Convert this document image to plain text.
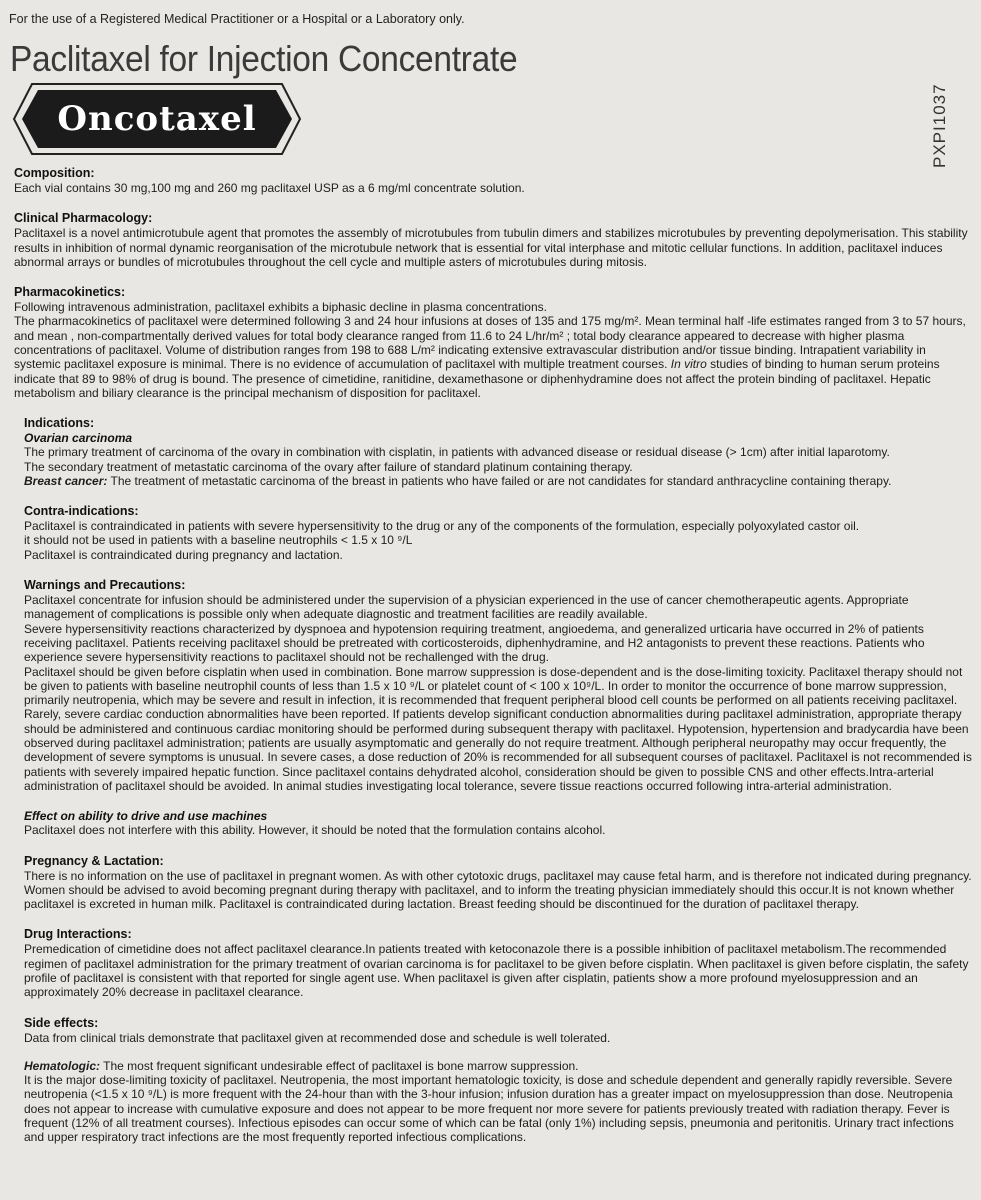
For the use of a Registered Medical Practitioner or a Hospital or a Laboratory only.
Paclitaxel for Injection Concentrate
Oncotaxel	PXPI1037
Composition:

Each vial contains 30 mg,100 mg and 260 mg paclitaxel USP as a 6 mg/ml concentrate solution.

Clinical Pharmacology:

Paclitaxel is a novel antimicrotubule agent that promotes the assembly of microtubules from tubulin dimers and stabilizes microtubules by preventing depolymerisation. This stability results in inhibition of normal dynamic reorganisation of the microtubule network that is essential for vital interphase and mitotic cellular functions. In addition, paclitaxel induces abnormal arrays or bundles of microtubules throughout the cell cycle and multiple asters of microtubules during mitosis.

Pharmacokinetics:

Following intravenous administration, paclitaxel exhibits a biphasic decline in plasma concentrations.

The pharmacokinetics of paclitaxel were determined following 3 and 24 hour infusions at doses of 135 and 175 mg/m². Mean terminal half -life estimates ranged from 3 to 57 hours, and mean , non-compartmentally derived values for total body clearance ranged from 11.6 to 24 L/hr/m² ; total body clearance appeared to decrease with higher plasma concentrations of paclitaxel. Volume of distribution ranges from 198 to 688 L/m² indicating extensive extravascular distribution and/or tissue binding. Intrapatient variability in systemic paclitaxel exposure is minimal. There is no evidence of accumulation of paclitaxel with multiple treatment courses. In vitro studies of binding to human serum proteins indicate that 89 to 98% of drug is bound. The presence of cimetidine, ranitidine, dexamethasone or diphenhydramine does not affect the protein binding of paclitaxel. Hepatic metabolism and biliary clearance is the principal mechanism of disposition for paclitaxel.

Indications:
Ovarian carcinoma

The primary treatment of carcinoma of the ovary in combination with cisplatin, in patients with advanced disease or residual disease (> 1cm) after initial laparotomy.

The secondary treatment of metastatic carcinoma of the ovary after failure of standard platinum containing therapy.

Breast cancer: The treatment of metastatic carcinoma of the breast in patients who have failed or are not candidates for standard anthracycline containing therapy.

Contra-indications:

Paclitaxel is contraindicated in patients with severe hypersensitivity to the drug or any of the components of the formulation, especially polyoxylated castor oil.

it should not be used in patients with a baseline neutrophils < 1.5 x 10 ⁹/L

Paclitaxel is contraindicated during pregnancy and lactation.

Warnings and Precautions:

Paclitaxel concentrate for infusion should be administered under the supervision of a physician experienced in the use of cancer chemotherapeutic agents. Appropriate management of complications is possible only when adequate diagnostic and treatment facilities are readily available.

Severe hypersensitivity reactions characterized by dyspnoea and hypotension requiring treatment, angioedema, and generalized urticaria have occurred in 2% of patients receiving paclitaxel. Patients receiving paclitaxel should be pretreated with corticosteroids, diphenhydramine, and H2 antagonists to prevent these reactions. Patients who experience severe hypersensitivity reactions to paclitaxel should not be rechallenged with the drug.

Paclitaxel should be given before cisplatin when used in combination. Bone marrow suppression is dose-dependent and is the dose-limiting toxicity. Paclitaxel therapy should not be given to patients with baseline neutrophil counts of less than 1.5 x 10 ⁹/L or platelet count of < 100 x 10⁹/L. In order to monitor the occurrence of bone marrow suppression, primarily neutropenia, which may be severe and result in infection, it is recommended that frequent peripheral blood cell counts be performed on all patients receiving paclitaxel. Rarely, severe cardiac conduction abnormalities have been reported. If patients develop significant conduction abnormalities during paclitaxel administration, appropriate therapy should be administered and continuous cardiac monitoring should be performed during subsequent therapy with paclitaxel. Hypotension, hypertension and bradycardia have been observed during paclitaxel administration; patients are usually asymptomatic and generally do not require treatment. Although peripheral neuropathy may occur frequently, the development of severe symptoms is unusual. In severe cases, a dose reduction of 20% is recommended for all subsequent courses of paclitaxel. Paclitaxel is not recommended is patients with severely impaired hepatic function. Since paclitaxel contains dehydrated alcohol, consideration should be given to possible CNS and other effects.Intra-arterial administration of paclitaxel should be avoided. In animal studies investigating local tolerance, severe tissue reactions occurred following intra-arterial administration.

Effect on ability to drive and use machines

Paclitaxel does not interfere with this ability. However, it should be noted that the formulation contains alcohol.

Pregnancy & Lactation:

There is no information on the use of paclitaxel in pregnant women. As with other cytotoxic drugs, paclitaxel may cause fetal harm, and is therefore not indicated during pregnancy. Women should be advised to avoid becoming pregnant during therapy with paclitaxel, and to inform the treating physician immediately should this occur.It is not known whether paclitaxel is excreted in human milk. Paclitaxel is contraindicated during lactation. Breast feeding should be discontinued for the duration of paclitaxel therapy.

Drug Interactions:

Premedication of cimetidine does not affect paclitaxel clearance.In patients treated with ketoconazole there is a possible inhibition of paclitaxel metabolism.The recommended regimen of paclitaxel administration for the primary treatment of ovarian carcinoma is for paclitaxel to be given before cisplatin. When paclitaxel is given before cisplatin, the safety profile of paclitaxel is consistent with that reported for single agent use. When paclitaxel is given after cisplatin, patients show a more profound myelosuppression and an approximately 20% decrease in paclitaxel clearance.

Side effects:

Data from clinical trials demonstrate that paclitaxel given at recommended dose and schedule is well tolerated.

Hematologic: The most frequent significant undesirable effect of paclitaxel is bone marrow suppression.

It is the major dose-limiting toxicity of paclitaxel. Neutropenia, the most important hematologic toxicity, is dose and schedule dependent and generally rapidly reversible. Severe neutropenia (<1.5 x 10 ⁹/L) is more frequent with the 24-hour than with the 3-hour infusion; infusion duration has a greater impact on myelosuppression than dose. Neutropenia does not appear to increase with cumulative exposure and does not appear to be more frequent nor more severe for patients previously treated with radiation therapy. Fever is frequent (12% of all treatment courses). Infectious episodes can occur some of which can be fatal (only 1%) including sepsis, pneumonia and peritonitis. Urinary tract infections and upper respiratory tract infections are the most frequently reported infectious complications.
